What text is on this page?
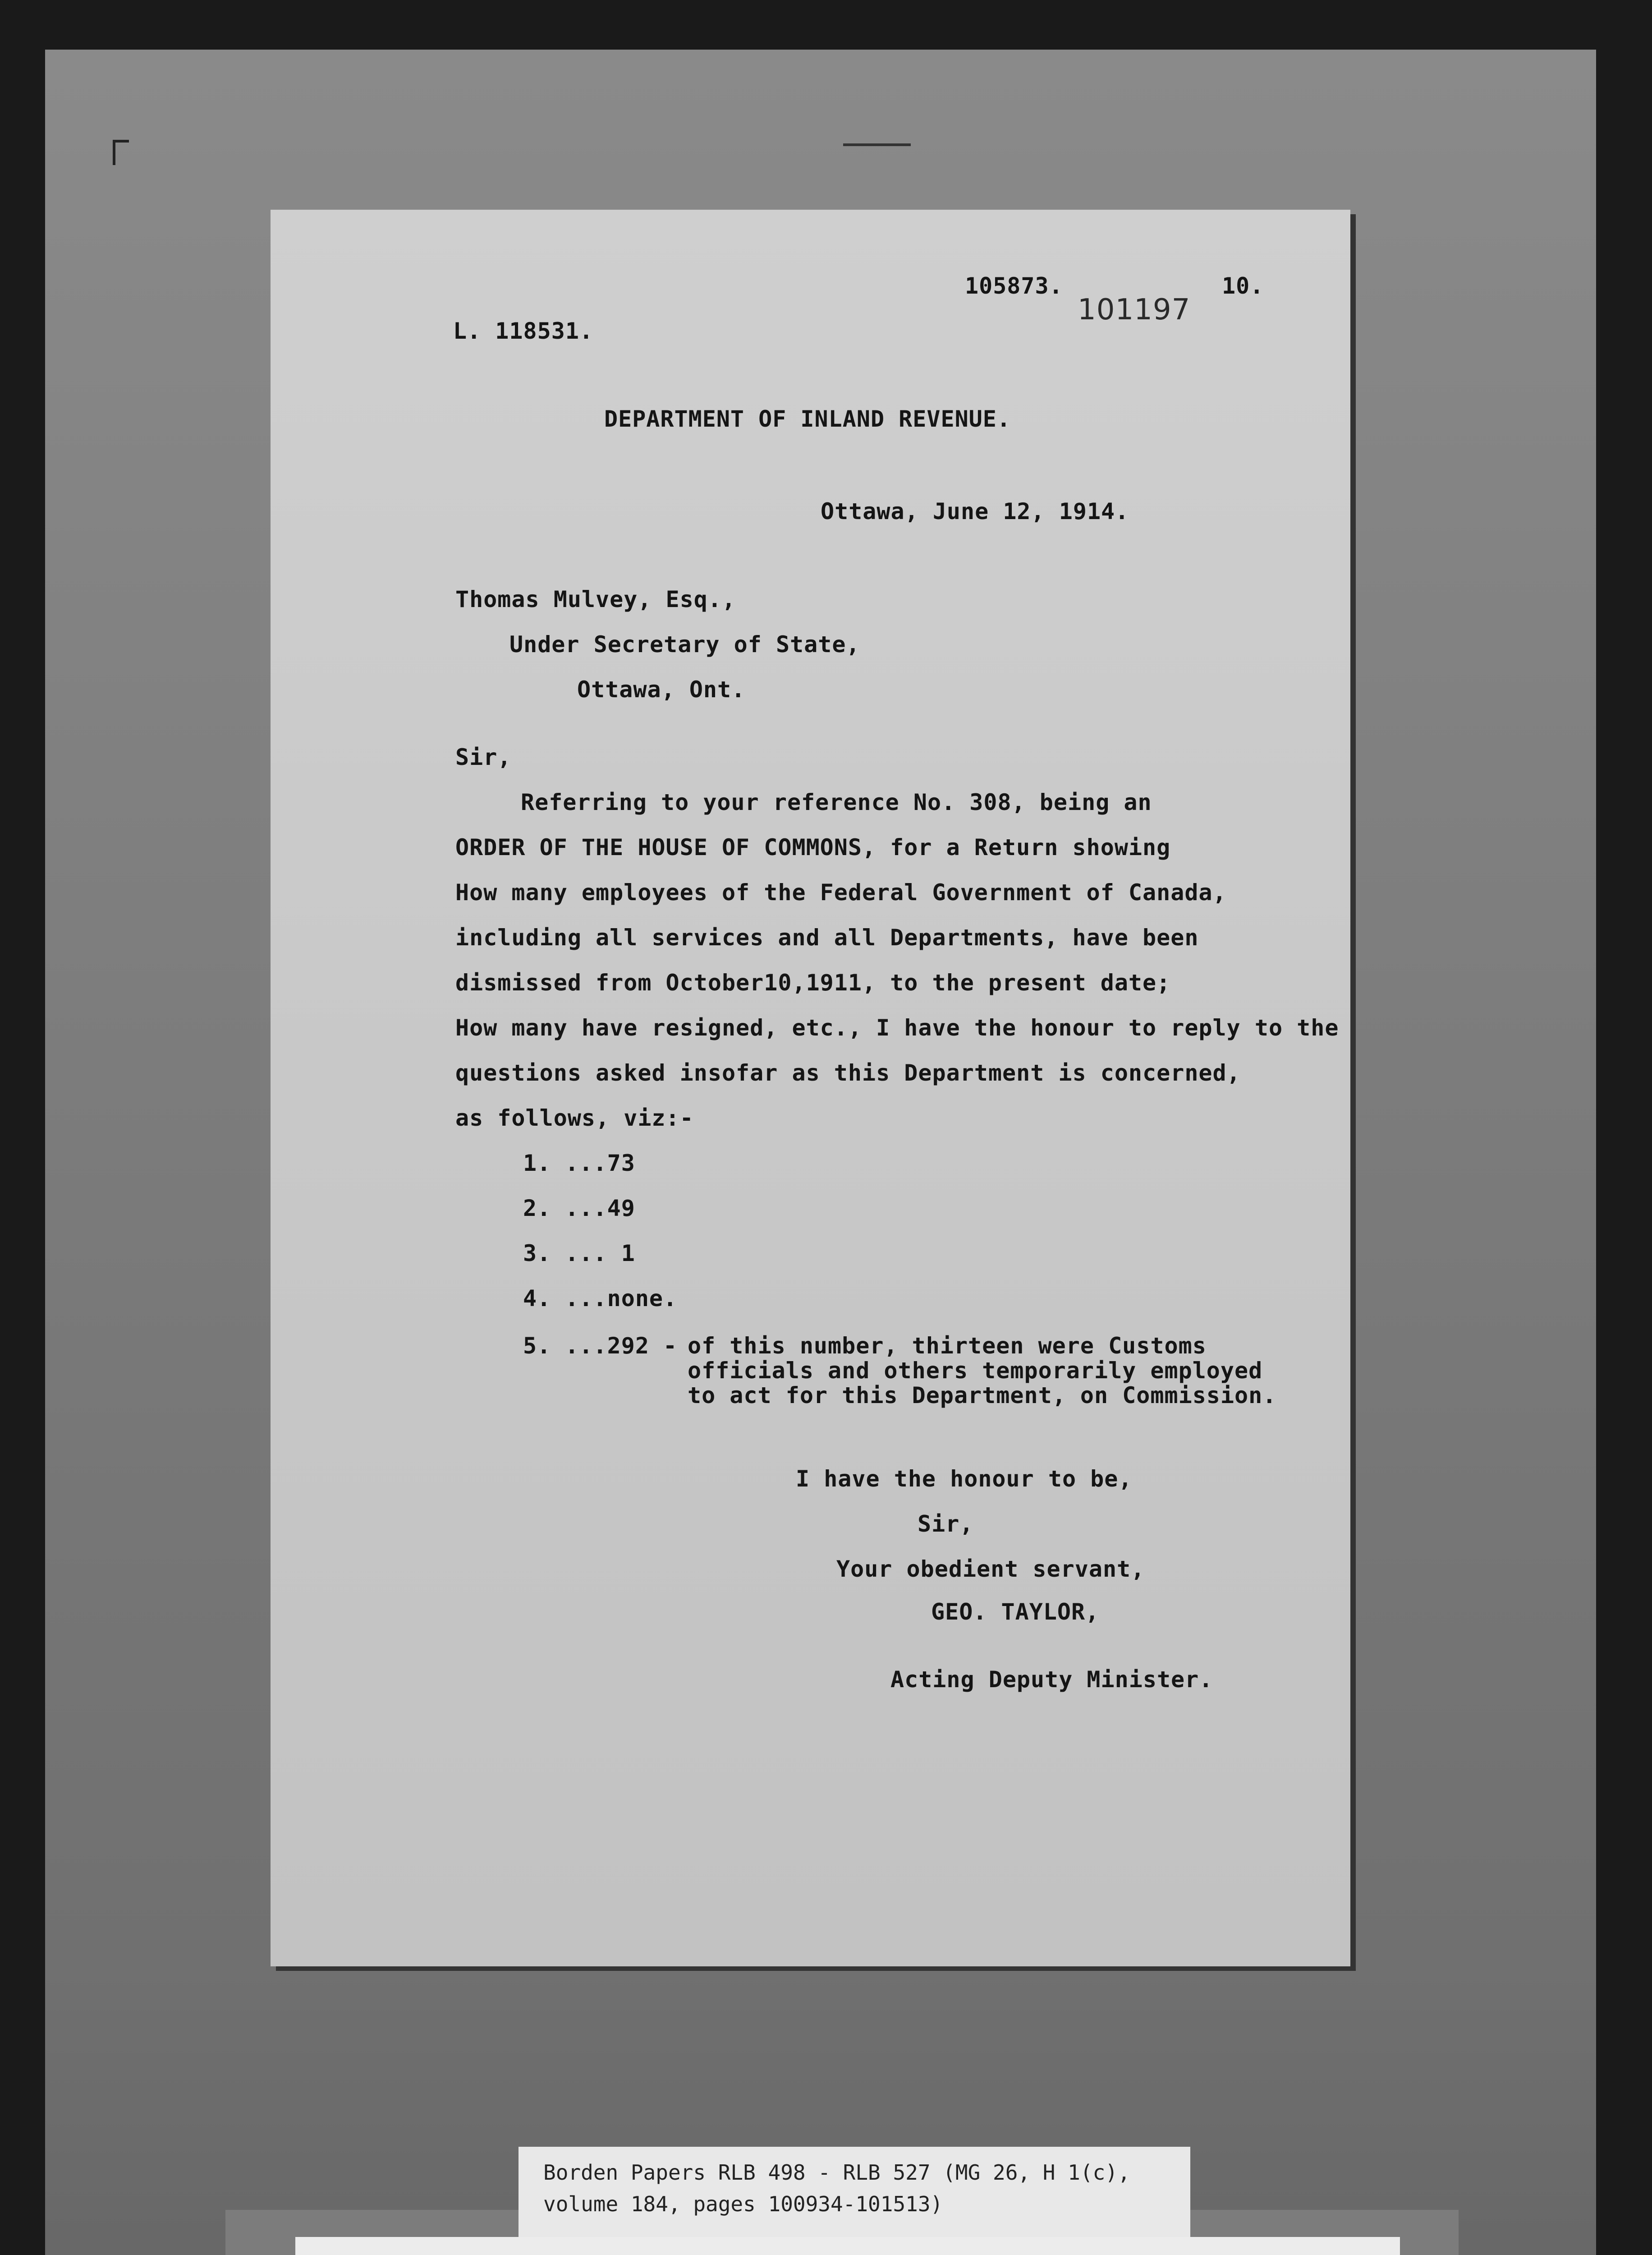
L. 118531.
105873.	10.
101197
DEPARTMENT OF INLAND REVENUE.
Ottawa, June 12, 1914.
Thomas Mulvey, Esq.,
Under Secretary of State,
Ottawa, Ont.
Sir,
Referring to your reference No. 308, being an
ORDER OF THE HOUSE OF COMMONS, for a Return showing
How many employees of the Federal Government of Canada,
including all services and all Departments, have been
dismissed from October10,1911, to the present date;
How many have resigned, etc., I have the honour to reply to the
questions asked insofar as this Department is concerned,
as follows, viz:-
1. ...73
2. ...49
3. ... 1
4. ...none.
5. ...292 - of this number, thirteen were Customs
officials and others temporarily employed
to act for this Department, on Commission.
I have the honour to be,
Sir,
Your obedient servant,
GEO. TAYLOR,
Acting Deputy Minister.
Borden Papers RLB 498 - RLB 527 (MG 26, H 1(c),
volume 184, pages 100934-101513)
